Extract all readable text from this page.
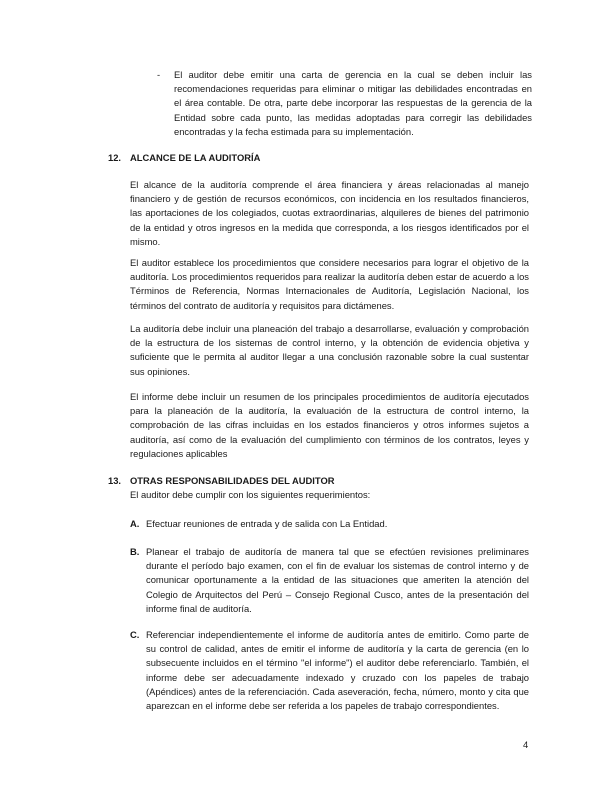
- El auditor debe emitir una carta de gerencia en la cual se deben incluir las recomendaciones requeridas para eliminar o mitigar las debilidades encontradas en el área contable. De otra, parte debe incorporar las respuestas de la gerencia de la Entidad sobre cada punto, las medidas adoptadas para corregir las debilidades encontradas y la fecha estimada para su implementación.

12. ALCANCE DE LA AUDITORÍA

El alcance de la auditoría comprende el área financiera y áreas relacionadas al manejo financiero y de gestión de recursos económicos, con incidencia en los resultados financieros, las aportaciones de los colegiados, cuotas extraordinarias, alquileres de bienes del patrimonio de la entidad y otros ingresos en la medida que corresponda, a los riesgos identificados por el mismo.

El auditor establece los procedimientos que considere necesarios para lograr el objetivo de la auditoría. Los procedimientos requeridos para realizar la auditoría deben estar de acuerdo a los Términos de Referencia, Normas Internacionales de Auditoría, Legislación Nacional, los términos del contrato de auditoría y requisitos para dictámenes.

La auditoría debe incluir una planeación del trabajo a desarrollarse, evaluación y comprobación de la estructura de los sistemas de control interno, y la obtención de evidencia objetiva y suficiente que le permita al auditor llegar a una conclusión razonable sobre la cual sustentar sus opiniones.

El informe debe incluir un resumen de los principales procedimientos de auditoría ejecutados para la planeación de la auditoría, la evaluación de la estructura de control interno, la comprobación de las cifras incluidas en los estados financieros y otros informes sujetos a auditoría, así como de la evaluación del cumplimiento con términos de los contratos, leyes y regulaciones aplicables

13. OTRAS RESPONSABILIDADES DEL AUDITOR

El auditor debe cumplir con los siguientes requerimientos:

A. Efectuar reuniones de entrada y de salida con La Entidad.

B. Planear el trabajo de auditoría de manera tal que se efectúen revisiones preliminares durante el período bajo examen, con el fin de evaluar los sistemas de control interno y de comunicar oportunamente a la entidad de las situaciones que ameriten la atención del Colegio de Arquitectos del Perú – Consejo Regional Cusco, antes de la presentación del informe final de auditoría.

C. Referenciar independientemente el informe de auditoría antes de emitirlo. Como parte de su control de calidad, antes de emitir el informe de auditoría y la carta de gerencia (en lo subsecuente incluidos en el término "el informe") el auditor debe referenciarlo. También, el informe debe ser adecuadamente indexado y cruzado con los papeles de trabajo (Apéndices) antes de la referenciación. Cada aseveración, fecha, número, monto y cita que aparezcan en el informe debe ser referida a los papeles de trabajo correspondientes.

4
